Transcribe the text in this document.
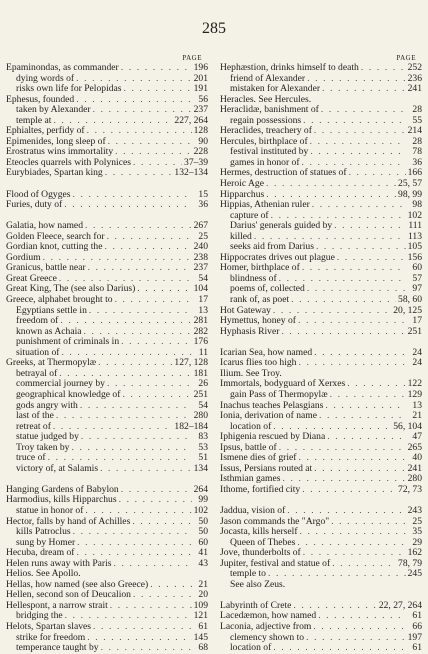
285
PAGE
Epaminondas, as commander . . .	196
dying words of . . .	201
risks own life for Pelopidas . . .	191
Ephesus, founded . . .	56
taken by Alexander . . .	237
temple at . . .	227, 264
Ephialtes, perfidy of . . .	128
Epimenides, long sleep of . . .	90
Erostratus wins immortality . . .	228
Eteocles quarrels with Polynices . . .	37–39
Eurybiades, Spartan king . . .	132–134
Flood of Ogyges . . .	15
Furies, duty of . . .	36
Galatia, how named . . .	267
Golden Fleece, search for . . .	25
Gordian knot, cutting the . . .	240
Gordium . . .	238
Granicus, battle near . . .	237
Great Greece . . .	54
Great King, The (see also Darius) . . .	104
Greece, alphabet brought to . . .	17
Egyptians settle in . . .	13
freedom of . . .	281
known as Achaia . . .	282
punishment of criminals in . . .	176
situation of . . .	11
Greeks, at Thermopylæ . . .	127, 128
betrayal of . . .	181
commercial journey by . . .	26
geographical knowledge of . . .	251
gods angry with . . .	54
last of the . . .	280
retreat of . . .	182–184
statue judged by . . .	83
Troy taken by . . .	53
truce of . . .	51
victory of, at Salamis . . .	134
Hanging Gardens of Babylon . . .	264
Harmodius, kills Hipparchus . . .	99
statue in honor of . . .	102
Hector, falls by hand of Achilles . . .	50
kills Patroclus . . .	50
sung by Homer . . .	60
Hecuba, dream of . . .	41
Helen runs away with Paris . . .	43
Helios. See Apollo.
Hellas, how named (see also Greece) . . .	21
Hellen, second son of Deucalion . . .	20
Hellespont, a narrow strait . . .	109
bridging the . . .	121
Helots, Spartan slaves . . .	61
strike for freedom . . .	145
temperance taught by . . .	68
PAGE
Hephæstion, drinks himself to death . . .	252
friend of Alexander . . .	236
mistaken for Alexander . . .	241
Heracles. See Hercules.
Heraclidæ, banishment of . . .	28
regain possessions . . .	55
Heraclides, treachery of . . .	214
Hercules, birthplace of . . .	28
festival instituted by . . .	78
games in honor of . . .	36
Hermes, destruction of statues of . . .	166
Heroic Age . . .	25, 57
Hipparchus . . .	98, 99
Hippias, Athenian ruler . . .	98
capture of . . .	102
Darius' generals guided by . . .	111
killed . . .	113
seeks aid from Darius . . .	105
Hippocrates drives out plague . . .	156
Homer, birthplace of . . .	60
blindness of . . .	57
poems of, collected . . .	97
rank of, as poet . . .	58, 60
Hot Gateway . . .	20, 125
Hymettus, honey of . . .	17
Hyphasis River . . .	251
Icarian Sea, how named . . .	24
Icarus flies too high . . .	24
Ilium. See Troy.
Immortals, bodyguard of Xerxes . . .	122
gain Pass of Thermopylæ . . .	129
Inachus teaches Pelasgians . . .	13
Ionia, derivation of name . . .	21
location of . . .	56, 104
Iphigenia rescued by Diana . . .	47
Ipsus, battle of . . .	265
Ismene dies of grief . . .	40
Issus, Persians routed at . . .	241
Isthmian games . . .	280
Ithome, fortified city . . .	72, 73
Jaddua, vision of . . .	243
Jason commands the "Argo" . . .	25
Jocasta, kills herself . . .	35
Queen of Thebes . . .	29
Jove, thunderbolts of . . .	162
Jupiter, festival and statue of . . .	78, 79
temple to . . .	245
See also Zeus.
Labyrinth of Crete . . .	22, 27, 264
Lacedæmon, how named . . .	61
Laconia, adjective from . . .	66
clemency shown to . . .	197
location of . . .	61
